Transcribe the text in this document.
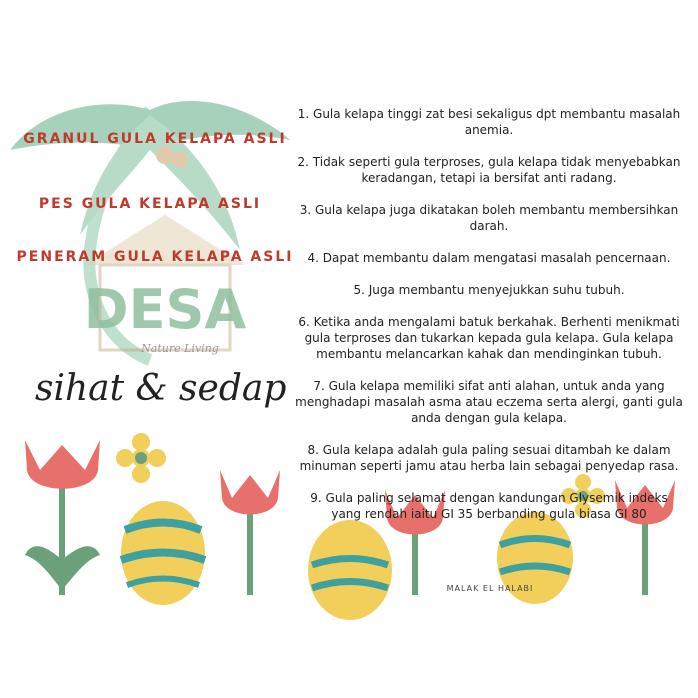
DESA
Nature Living
GRANUL GULA KELAPA ASLI
PES GULA KELAPA ASLI
PENERAM GULA KELAPA ASLI
sihat & sedap
1. Gula kelapa tinggi zat besi sekaligus dpt membantu masalah anemia.
2. Tidak seperti gula terproses, gula kelapa tidak menyebabkan keradangan, tetapi ia bersifat anti radang.
3. Gula kelapa juga dikatakan boleh membantu membersihkan darah.
4. Dapat membantu dalam mengatasi masalah pencernaan.
5. Juga membantu menyejukkan suhu tubuh.
6. Ketika anda mengalami batuk berkahak. Berhenti menikmati gula terproses dan tukarkan kepada gula kelapa. Gula kelapa membantu melancarkan kahak dan mendinginkan tubuh.
7. Gula kelapa memiliki sifat anti alahan, untuk anda yang menghadapi masalah asma atau eczema serta alergi, ganti gula anda dengan gula kelapa.
8. Gula kelapa adalah gula paling sesuai ditambah ke dalam minuman seperti jamu atau herba lain sebagai penyedap rasa.
9. Gula paling selamat dengan kandungan Glysemik indeks yang rendah iaitu GI 35 berbanding gula biasa GI 80
MALAK EL HALABI
